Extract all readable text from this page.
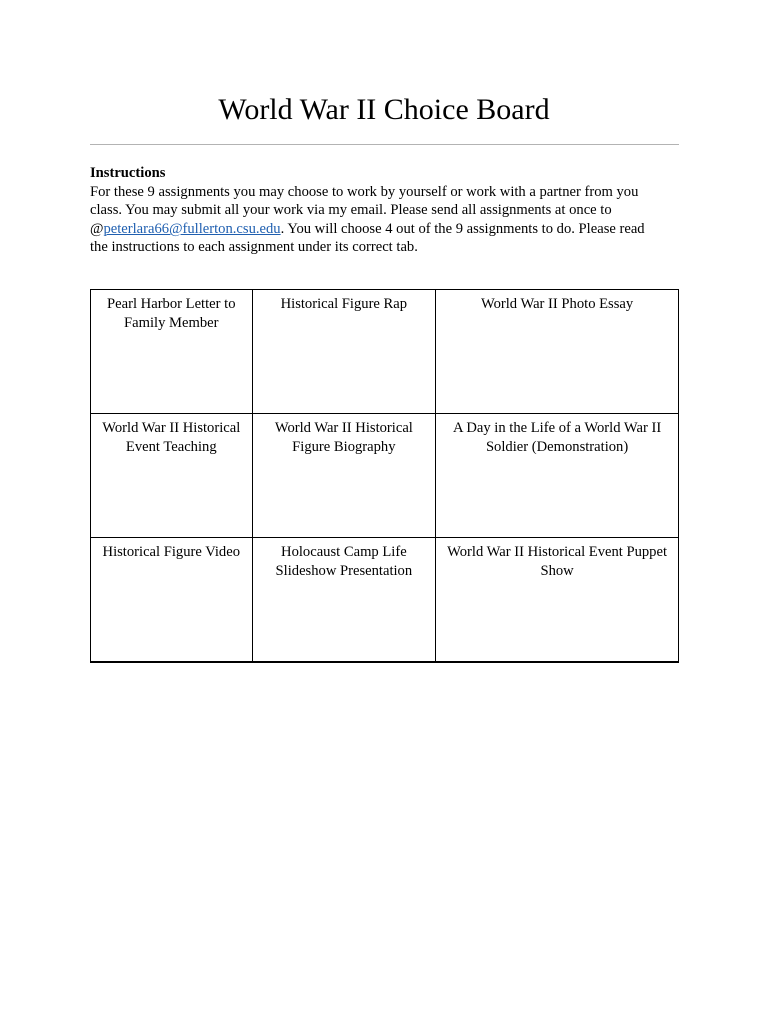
World War II Choice Board
Instructions
For these 9 assignments you may choose to work by yourself or work with a partner from you
class. You may submit all your work via my email. Please send all assignments at once to
@peterlara66@fullerton.csu.edu. You will choose 4 out of the 9 assignments to do. Please read
the instructions to each assignment under its correct tab.
Pearl Harbor Letter to Family Member	Historical Figure Rap	World War II Photo Essay
World War II Historical Event Teaching	World War II Historical Figure Biography	A Day in the Life of a World War II Soldier (Demonstration)
Historical Figure Video	Holocaust Camp Life Slideshow Presentation	World War II Historical Event Puppet Show
